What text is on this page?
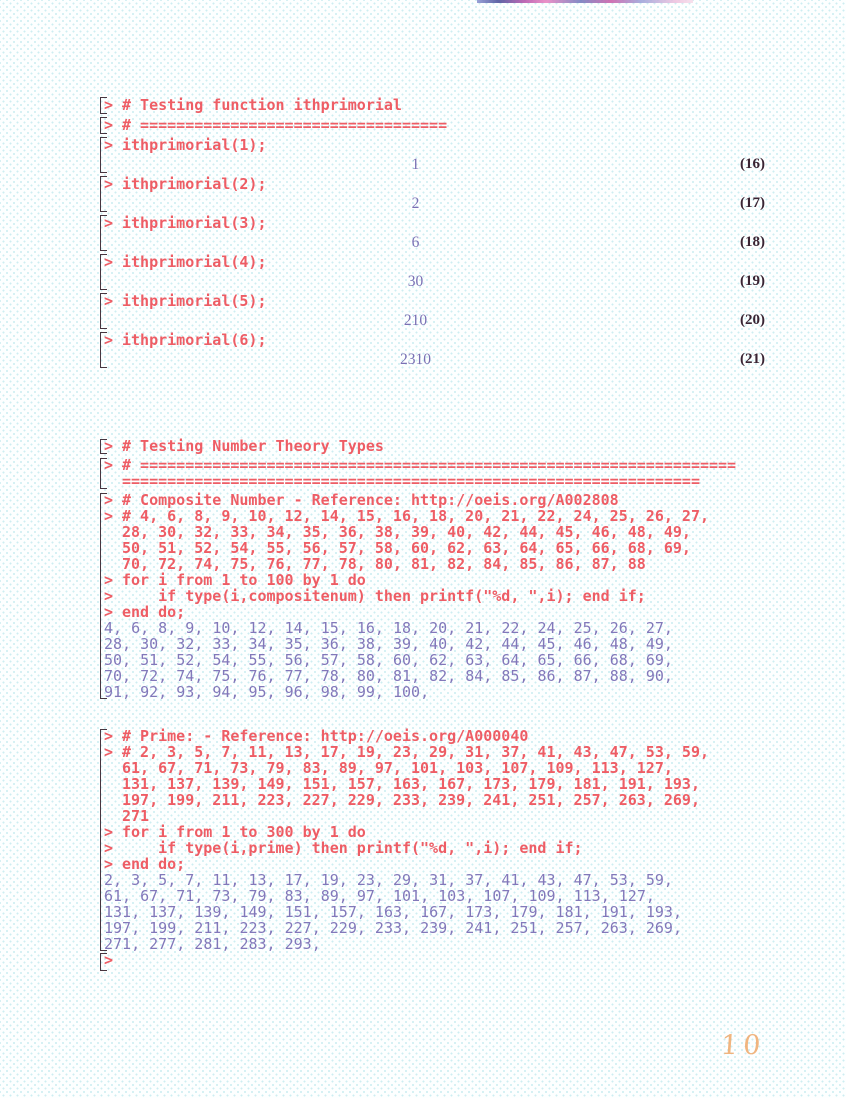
> # Testing function ithprimorial
> # ==================================
> ithprimorial(1);
1	(16)
> ithprimorial(2);
2	(17)
> ithprimorial(3);
6	(18)
> ithprimorial(4);
30	(19)
> ithprimorial(5);
210	(20)
> ithprimorial(6);
2310	(21)
> # Testing Number Theory Types
> # ==================================================================
================================================================
> # Composite Number - Reference: http://oeis.org/A002808
> # 4, 6, 8, 9, 10, 12, 14, 15, 16, 18, 20, 21, 22, 24, 25, 26, 27,
28, 30, 32, 33, 34, 35, 36, 38, 39, 40, 42, 44, 45, 46, 48, 49,
50, 51, 52, 54, 55, 56, 57, 58, 60, 62, 63, 64, 65, 66, 68, 69,
70, 72, 74, 75, 76, 77, 78, 80, 81, 82, 84, 85, 86, 87, 88
> for i from 1 to 100 by 1 do
>    if type(i,compositenum) then printf("%d, ",i); end if;
> end do;
4, 6, 8, 9, 10, 12, 14, 15, 16, 18, 20, 21, 22, 24, 25, 26, 27,
28, 30, 32, 33, 34, 35, 36, 38, 39, 40, 42, 44, 45, 46, 48, 49,
50, 51, 52, 54, 55, 56, 57, 58, 60, 62, 63, 64, 65, 66, 68, 69,
70, 72, 74, 75, 76, 77, 78, 80, 81, 82, 84, 85, 86, 87, 88, 90,
91, 92, 93, 94, 95, 96, 98, 99, 100,
> # Prime: - Reference: http://oeis.org/A000040
> # 2, 3, 5, 7, 11, 13, 17, 19, 23, 29, 31, 37, 41, 43, 47, 53, 59,
61, 67, 71, 73, 79, 83, 89, 97, 101, 103, 107, 109, 113, 127,
131, 137, 139, 149, 151, 157, 163, 167, 173, 179, 181, 191, 193,
197, 199, 211, 223, 227, 229, 233, 239, 241, 251, 257, 263, 269,
271
> for i from 1 to 300 by 1 do
>    if type(i,prime) then printf("%d, ",i); end if;
> end do;
2, 3, 5, 7, 11, 13, 17, 19, 23, 29, 31, 37, 41, 43, 47, 53, 59,
61, 67, 71, 73, 79, 83, 89, 97, 101, 103, 107, 109, 113, 127,
131, 137, 139, 149, 151, 157, 163, 167, 173, 179, 181, 191, 193,
197, 199, 211, 223, 227, 229, 233, 239, 241, 251, 257, 263, 269,
271, 277, 281, 283, 293,
>
10
